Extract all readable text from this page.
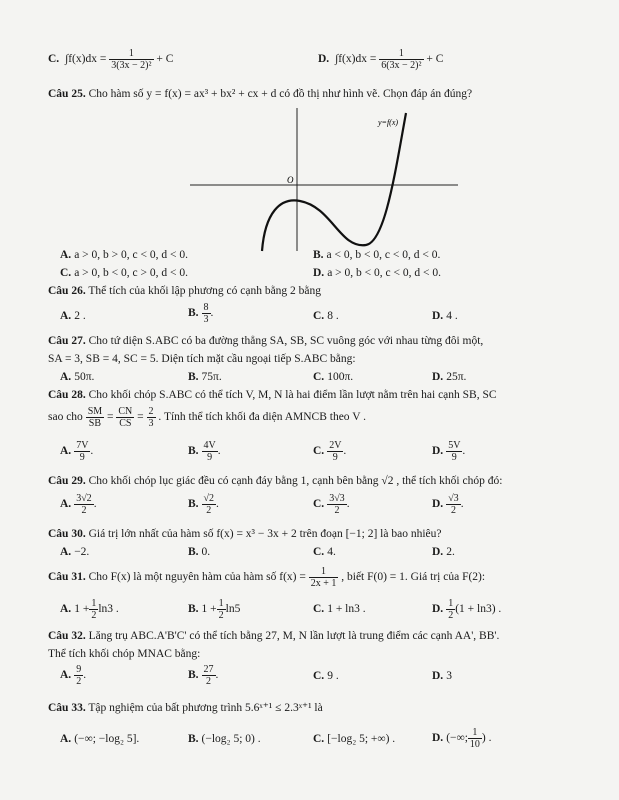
C. $\int f(x)dx = \frac{1}{\text{3(3x − 2)²}} + C$	D. $\int f(x)dx = \frac{1}{\text{6(3x − 2)²}} + C$
Câu 25. Cho hàm số y = f(x) = ax³ + bx² + cx + d có đồ thị như hình vẽ. Chọn đáp án đúng?
O
y=f(x)
A. a > 0, b > 0, c < 0, d < 0.	B. a < 0, b < 0, c < 0, d < 0.
C. a > 0, b < 0, c > 0, d < 0.	D. a > 0, b < 0, c < 0, d < 0.
Câu 26. Thể tích của khối lập phương có cạnh bằng 2 bằng
A. 2 .	B. $\frac{8}{3}$ .	C. 8 .	D. 4 .
Câu 27. Cho tứ diện S.ABC có ba đường thẳng SA, SB, SC vuông góc với nhau từng đôi một,
SA = 3, SB = 4, SC = 5. Diện tích mặt cầu ngoại tiếp S.ABC bằng:
A. 50π.	B. 75π.	C. 100π.	D. 25π.
Câu 28. Cho khối chóp S.ABC có thể tích V, M, N là hai điểm lần lượt nằm trên hai cạnh SB, SC
sao cho $\frac{SM}{SB} = \frac{CN}{CS} = \frac{2}{3}$ . Tính thể tích khối đa diện AMNCB theo V .
A. $\frac{7V}{9}$ .	B. $\frac{4V}{9}$ .	C. $\frac{2V}{9}$ .	D. $\frac{5V}{9}$ .
Câu 29. Cho khối chóp lục giác đều có cạnh đáy bằng 1, cạnh bên bằng √2 , thể tích khối chóp đó:
A. $\frac{3√2}{2}$ .	B. $\frac{√2}{2}$ .	C. $\frac{3√3}{2}$ .	D. $\frac{√3}{2}$ .
Câu 30. Giá trị lớn nhất của hàm số f(x) = x³ − 3x + 2 trên đoạn [−1; 2] là bao nhiêu?
A. −2.	B. 0.	C. 4.	D. 2.
Câu 31. Cho F(x) là một nguyên hàm của hàm số $f(x) = \frac{1}{2x + 1}$ , biết F(0) = 1. Giá trị của F(2):
A. $1 + \frac{1}{2} \ln 3$ .	B. $1 + \frac{1}{2} \ln 5$	C. 1 + ln3 .	D. $\frac{1}{2} (1 + \ln 3)$ .
Câu 32. Lăng trụ ABC.A'B'C' có thể tích bằng 27, M, N lần lượt là trung điểm các cạnh AA', BB'.
Thể tích khối chóp MNAC bằng:
A. $\frac{9}{2}$ .	B. $\frac{27}{2}$ .	C. 9 .	D. 3
Câu 33. Tập nghiệm của bất phương trình 5.6ˣ⁺¹ ≤ 2.3ˣ⁺¹ là
A. (−∞; −log₂ 5].	B. (−log₂ 5; 0) .	C. [−log₂ 5; +∞) .	D. (−∞; $\frac{1}{10}$ ) .
